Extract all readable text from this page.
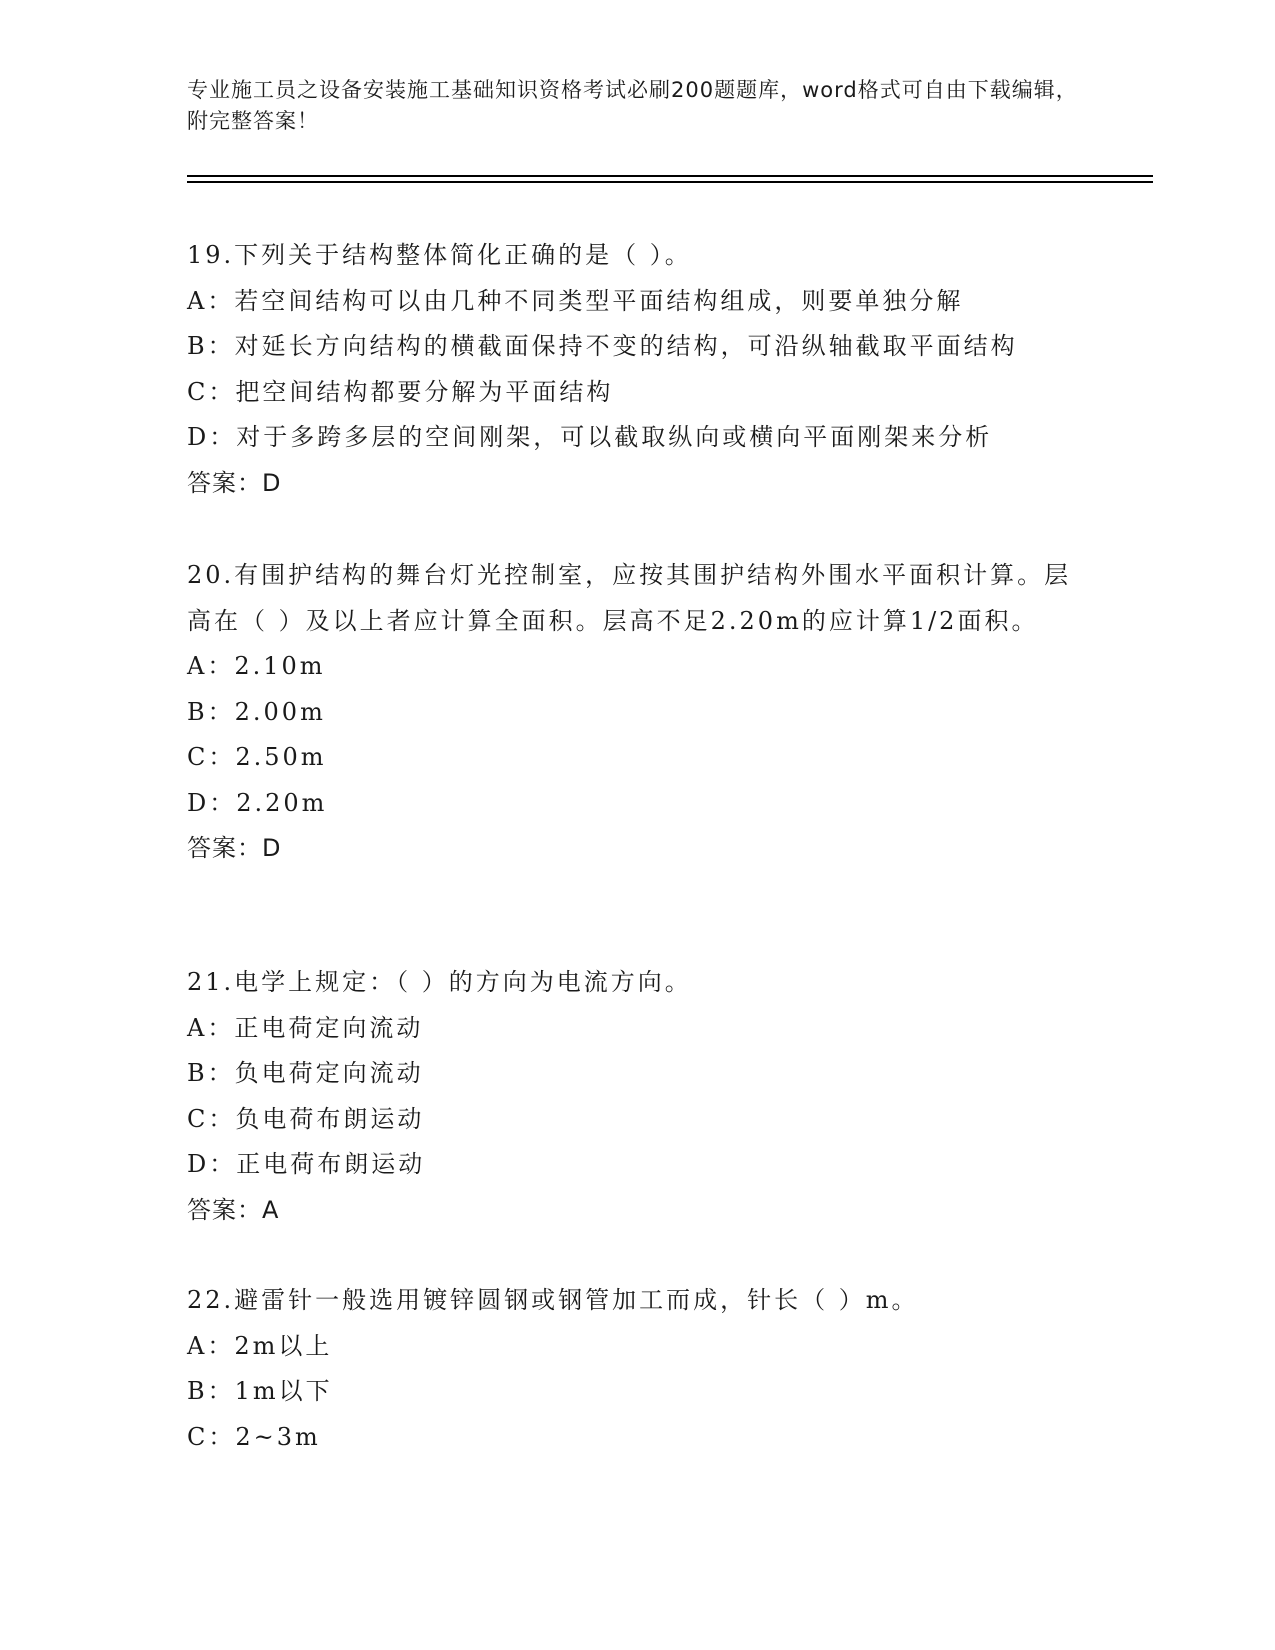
专业施工员之设备安装施工基础知识资格考试必刷200题题库，word格式可自由下载编辑，附完整答案！
19.下列关于结构整体简化正确的是（ ）。
A：若空间结构可以由几种不同类型平面结构组成，则要单独分解
B：对延长方向结构的横截面保持不变的结构，可沿纵轴截取平面结构
C：把空间结构都要分解为平面结构
D：对于多跨多层的空间刚架，可以截取纵向或横向平面刚架来分析
答案：D
20.有围护结构的舞台灯光控制室，应按其围护结构外围水平面积计算。层高在（ ）及以上者应计算全面积。层高不足2.20m的应计算1/2面积。
A：2.10m
B：2.00m
C：2.50m
D：2.20m
答案：D
21.电学上规定：（ ）的方向为电流方向。
A：正电荷定向流动
B：负电荷定向流动
C：负电荷布朗运动
D：正电荷布朗运动
答案：A
22.避雷针一般选用镀锌圆钢或钢管加工而成，针长（ ）m。
A：2m以上
B：1m以下
C：2~3m
